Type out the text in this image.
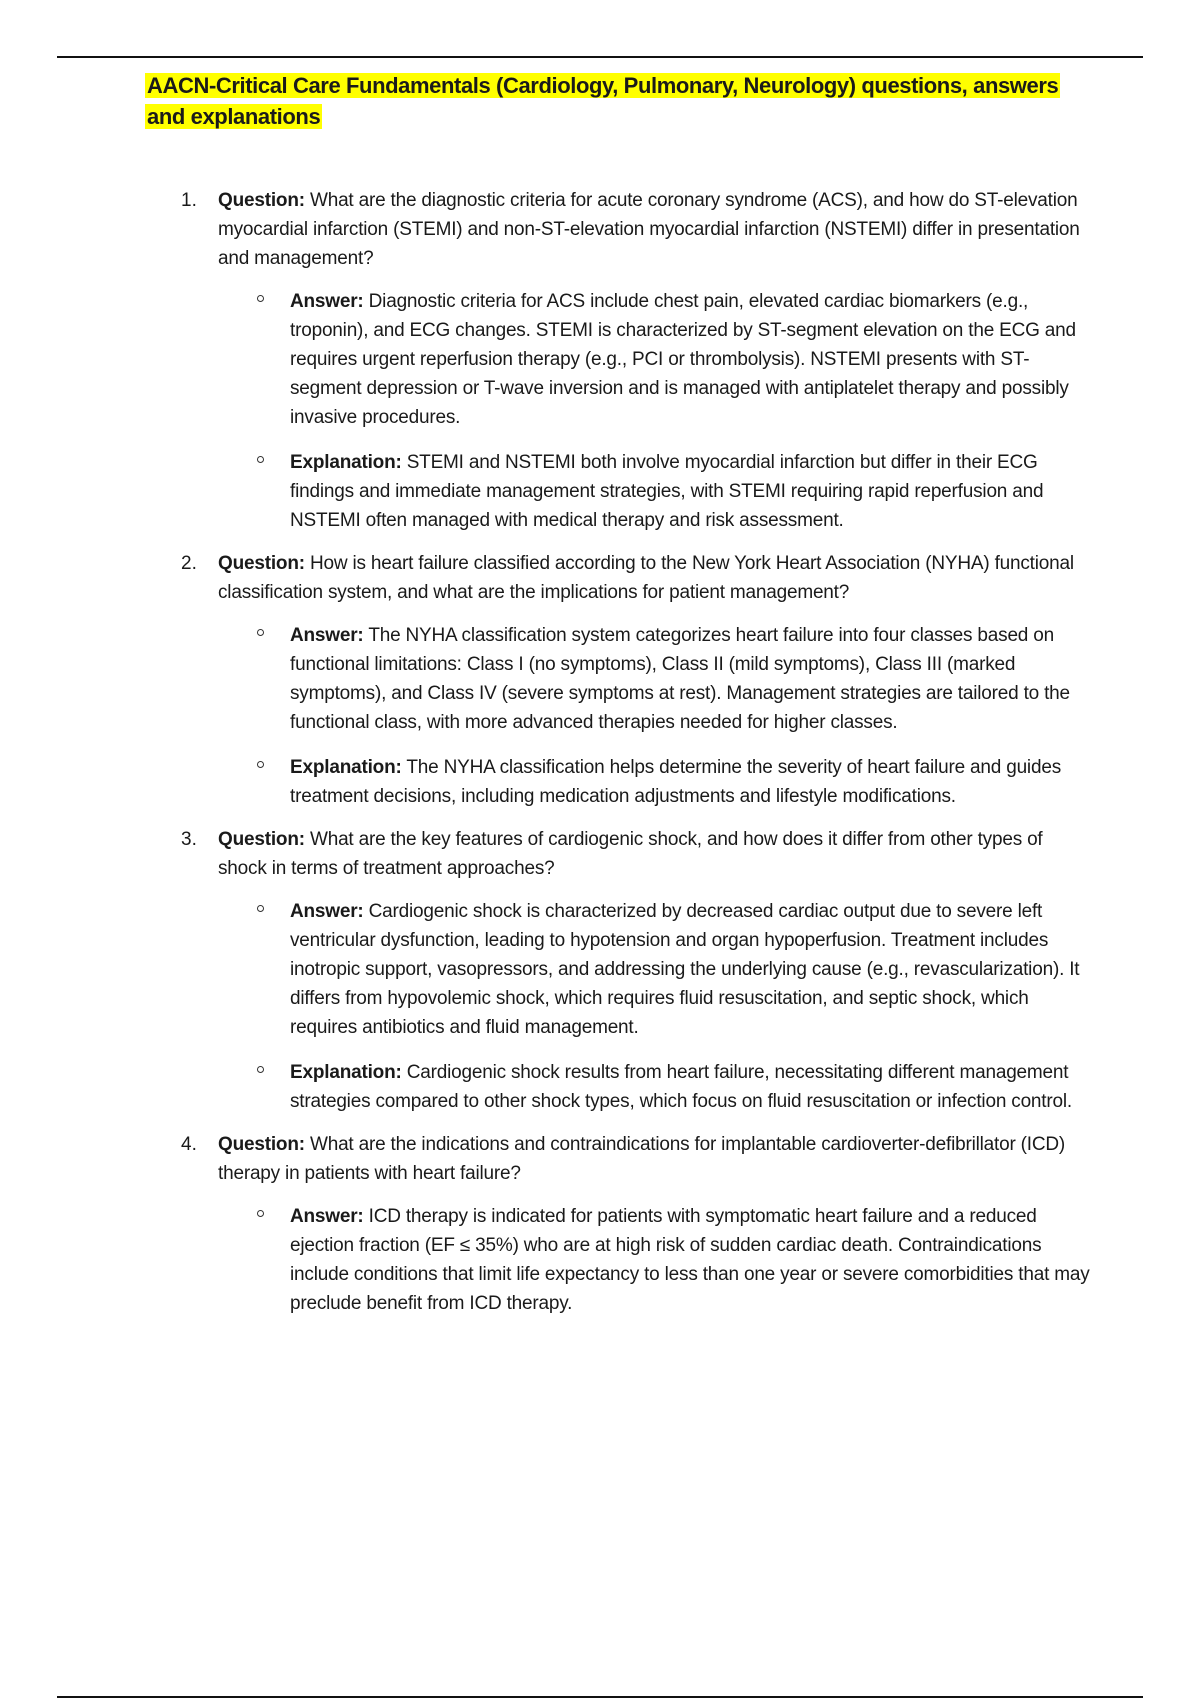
AACN-Critical Care Fundamentals (Cardiology, Pulmonary, Neurology) questions, answers and explanations
1. Question: What are the diagnostic criteria for acute coronary syndrome (ACS), and how do ST-elevation myocardial infarction (STEMI) and non-ST-elevation myocardial infarction (NSTEMI) differ in presentation and management?

Answer: Diagnostic criteria for ACS include chest pain, elevated cardiac biomarkers (e.g., troponin), and ECG changes. STEMI is characterized by ST-segment elevation on the ECG and requires urgent reperfusion therapy (e.g., PCI or thrombolysis). NSTEMI presents with ST-segment depression or T-wave inversion and is managed with antiplatelet therapy and possibly invasive procedures.

Explanation: STEMI and NSTEMI both involve myocardial infarction but differ in their ECG findings and immediate management strategies, with STEMI requiring rapid reperfusion and NSTEMI often managed with medical therapy and risk assessment.

2. Question: How is heart failure classified according to the New York Heart Association (NYHA) functional classification system, and what are the implications for patient management?

Answer: The NYHA classification system categorizes heart failure into four classes based on functional limitations: Class I (no symptoms), Class II (mild symptoms), Class III (marked symptoms), and Class IV (severe symptoms at rest). Management strategies are tailored to the functional class, with more advanced therapies needed for higher classes.

Explanation: The NYHA classification helps determine the severity of heart failure and guides treatment decisions, including medication adjustments and lifestyle modifications.

3. Question: What are the key features of cardiogenic shock, and how does it differ from other types of shock in terms of treatment approaches?

Answer: Cardiogenic shock is characterized by decreased cardiac output due to severe left ventricular dysfunction, leading to hypotension and organ hypoperfusion. Treatment includes inotropic support, vasopressors, and addressing the underlying cause (e.g., revascularization). It differs from hypovolemic shock, which requires fluid resuscitation, and septic shock, which requires antibiotics and fluid management.

Explanation: Cardiogenic shock results from heart failure, necessitating different management strategies compared to other shock types, which focus on fluid resuscitation or infection control.

4. Question: What are the indications and contraindications for implantable cardioverter-defibrillator (ICD) therapy in patients with heart failure?

Answer: ICD therapy is indicated for patients with symptomatic heart failure and a reduced ejection fraction (EF ≤ 35%) who are at high risk of sudden cardiac death. Contraindications include conditions that limit life expectancy to less than one year or severe comorbidities that may preclude benefit from ICD therapy.
